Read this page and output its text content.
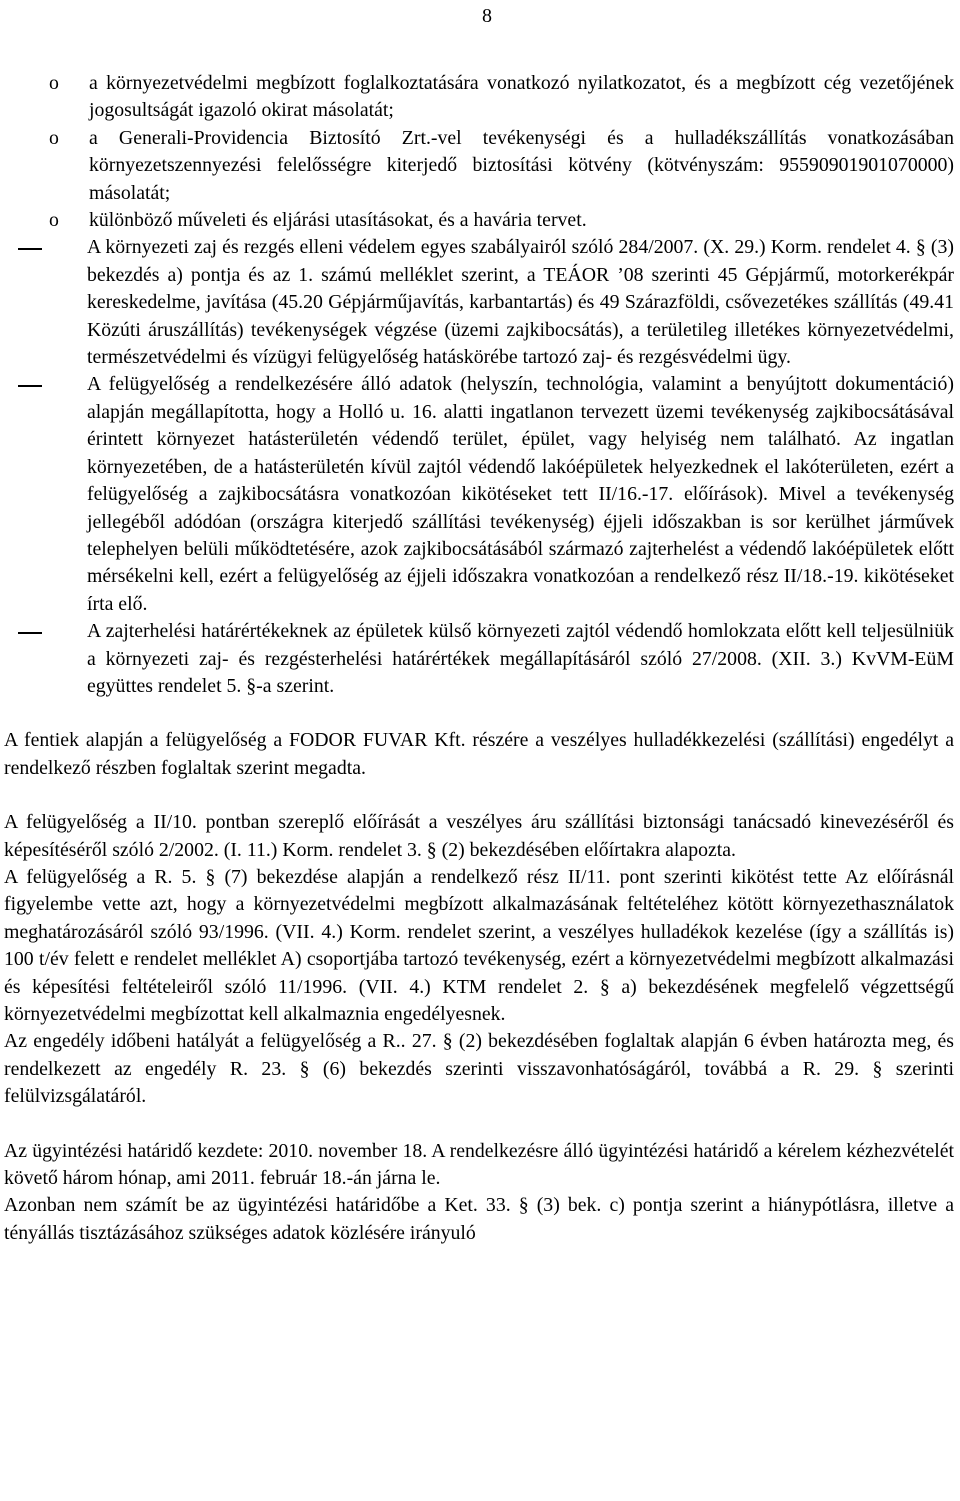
8
o a környezetvédelmi megbízott foglalkoztatására vonatkozó nyilatkozatot, és a megbízott cég vezetőjének jogosultságát igazoló okirat másolatát;
o a Generali-Providencia Biztosító Zrt.-vel tevékenységi és a hulladékszállítás vonatkozásában környezetszennyezési felelősségre kiterjedő biztosítási kötvény (kötvényszám: 95590901901070000) másolatát;
o különböző műveleti és eljárási utasításokat, és a havária tervet.
A környezeti zaj és rezgés elleni védelem egyes szabályairól szóló 284/2007. (X. 29.) Korm. rendelet 4. § (3) bekezdés a) pontja és az 1. számú melléklet szerint, a TEÁOR ’08 szerinti 45 Gépjármű, motorkerékpár kereskedelme, javítása (45.20 Gépjárműjavítás, karbantartás) és 49 Szárazföldi, csővezetékes szállítás (49.41 Közúti áruszállítás) tevékenységek végzése (üzemi zajkibocsátás), a területileg illetékes környezetvédelmi, természetvédelmi és vízügyi felügyelőség hatáskörébe tartozó zaj- és rezgésvédelmi ügy.
A felügyelőség a rendelkezésére álló adatok (helyszín, technológia, valamint a benyújtott dokumentáció) alapján megállapította, hogy a Holló u. 16. alatti ingatlanon tervezett üzemi tevékenység zajkibocsátásával érintett környezet hatásterületén védendő terület, épület, vagy helyiség nem található. Az ingatlan környezetében, de a hatásterületén kívül zajtól védendő lakóépületek helyezkednek el lakóterületen, ezért a felügyelőség a zajkibocsátásra vonatkozóan kikötéseket tett II/16.-17. előírások). Mivel a tevékenység jellegéből adódóan (országra kiterjedő szállítási tevékenység) éjjeli időszakban is sor kerülhet járművek telephelyen belüli működtetésére, azok zajkibocsátásából származó zajterhelést a védendő lakóépületek előtt mérsékelni kell, ezért a felügyelőség az éjjeli időszakra vonatkozóan a rendelkező rész II/18.-19. kikötéseket írta elő.
A zajterhelési határértékeknek az épületek külső környezeti zajtól védendő homlokzata előtt kell teljesülniük a környezeti zaj- és rezgésterhelési határértékek megállapításáról szóló 27/2008. (XII. 3.) KvVM-EüM együttes rendelet 5. §-a szerint.

A fentiek alapján a felügyelőség a FODOR FUVAR Kft. részére a veszélyes hulladékkezelési (szállítási) engedélyt a rendelkező részben foglaltak szerint megadta.

A felügyelőség a II/10. pontban szereplő előírását a veszélyes áru szállítási biztonsági tanácsadó kinevezéséről és képesítéséről szóló 2/2002. (I. 11.) Korm. rendelet 3. § (2) bekezdésében előírtakra alapozta.

A felügyelőség a R. 5. § (7) bekezdése alapján a rendelkező rész II/11. pont szerinti kikötést tette Az előírásnál figyelembe vette azt, hogy a környezetvédelmi megbízott alkalmazásának feltételéhez kötött környezethasználatok meghatározásáról szóló 93/1996. (VII. 4.) Korm. rendelet szerint, a veszélyes hulladékok kezelése (így a szállítás is) 100 t/év felett e rendelet melléklet A) csoportjába tartozó tevékenység, ezért a környezetvédelmi megbízott alkalmazási és képesítési feltételeiről szóló 11/1996. (VII. 4.) KTM rendelet 2. § a) bekezdésének megfelelő végzettségű környezetvédelmi megbízottat kell alkalmaznia engedélyesnek.

Az engedély időbeni hatályát a felügyelőség a R.. 27. § (2) bekezdésében foglaltak alapján 6 évben határozta meg, és rendelkezett az engedély R. 23. § (6) bekezdés szerinti visszavonhatóságáról, továbbá a R. 29. § szerinti felülvizsgálatáról.

Az ügyintézési határidő kezdete: 2010. november 18. A rendelkezésre álló ügyintézési határidő a kérelem kézhezvételét követő három hónap, ami 2011. február 18.-án járna le.

Azonban nem számít be az ügyintézési határidőbe a Ket. 33. § (3) bek. c) pontja szerint a hiánypótlásra, illetve a tényállás tisztázásához szükséges adatok közlésére irányuló
